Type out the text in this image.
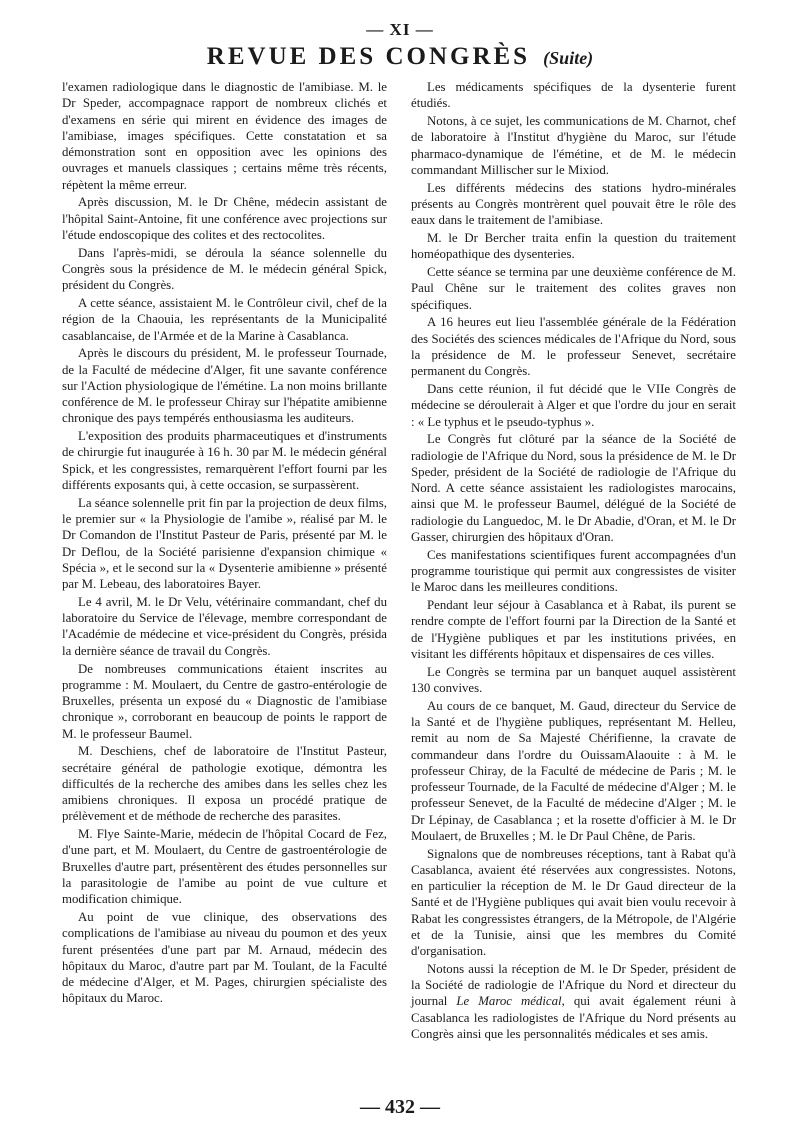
— XI —
REVUE DES CONGRÈS (Suite)

l'examen radiologique dans le diagnostic de l'amibiase. M. le Dr Speder, accompagnace rapport de nombreux clichés et d'examens en série qui mirent en évidence des images de l'amibiase, images spécifiques. Cette constatation et sa démonstration sont en opposition avec les opinions des ouvrages et manuels classiques ; certains même très récents, répètent la même erreur.

Après discussion, M. le Dr Chêne, médecin assistant de l'hôpital Saint-Antoine, fit une conférence avec projections sur l'étude endoscopique des colites et des rectocolites.

Dans l'après-midi, se déroula la séance solennelle du Congrès sous la présidence de M. le médecin général Spick, président du Congrès.

A cette séance, assistaient M. le Contrôleur civil, chef de la région de la Chaouia, les représentants de la Municipalité casablancaise, de l'Armée et de la Marine à Casablanca.

Après le discours du président, M. le professeur Tournade, de la Faculté de médecine d'Alger, fit une savante conférence sur l'Action physiologique de l'émétine. La non moins brillante conférence de M. le professeur Chiray sur l'hépatite amibienne chronique des pays tempérés enthousiasma les auditeurs.

L'exposition des produits pharmaceutiques et d'instruments de chirurgie fut inaugurée à 16 h. 30 par M. le médecin général Spick, et les congressistes, remarquèrent l'effort fourni par les différents exposants qui, à cette occasion, se surpassèrent.

La séance solennelle prit fin par la projection de deux films, le premier sur « la Physiologie de l'amibe », réalisé par M. le Dr Comandon de l'Institut Pasteur de Paris, présenté par M. le Dr Deflou, de la Société parisienne d'expansion chimique « Spécia », et le second sur la « Dysenterie amibienne » présenté par M. Lebeau, des laboratoires Bayer.

Le 4 avril, M. le Dr Velu, vétérinaire commandant, chef du laboratoire du Service de l'élevage, membre correspondant de l'Académie de médecine et vice-président du Congrès, présida la dernière séance de travail du Congrès.

De nombreuses communications étaient inscrites au programme : M. Moulaert, du Centre de gastro-entérologie de Bruxelles, présenta un exposé du « Diagnostic de l'amibiase chronique », corroborant en beaucoup de points le rapport de M. le professeur Baumel.

M. Deschiens, chef de laboratoire de l'Institut Pasteur, secrétaire général de pathologie exotique, démontra les difficultés de la recherche des amibes dans les selles chez les amibiens chroniques. Il exposa un procédé pratique de prélèvement et de méthode de recherche des parasites.

M. Flye Sainte-Marie, médecin de l'hôpital Cocard de Fez, d'une part, et M. Moulaert, du Centre de gastroentérologie de Bruxelles d'autre part, présentèrent des études personnelles sur la parasitologie de l'amibe au point de vue culture et modification chimique.

Au point de vue clinique, des observations des complications de l'amibiase au niveau du poumon et des yeux furent présentées d'une part par M. Arnaud, médecin des hôpitaux du Maroc, d'autre part par M. Toulant, de la Faculté de médecine d'Alger, et M. Pages, chirurgien spécialiste des hôpitaux du Maroc.

Les médicaments spécifiques de la dysenterie furent étudiés.

Notons, à ce sujet, les communications de M. Charnot, chef de laboratoire à l'Institut d'hygiène du Maroc, sur l'étude pharmaco-dynamique de l'émétine, et de M. le médecin commandant Millischer sur le Mixiod.

Les différents médecins des stations hydro-minérales présents au Congrès montrèrent quel pouvait être le rôle des eaux dans le traitement de l'amibiase.

M. le Dr Bercher traita enfin la question du traitement homéopathique des dysenteries.

Cette séance se termina par une deuxième conférence de M. Paul Chêne sur le traitement des colites graves non spécifiques.

A 16 heures eut lieu l'assemblée générale de la Fédération des Sociétés des sciences médicales de l'Afrique du Nord, sous la présidence de M. le professeur Senevet, secrétaire permanent du Congrès.

Dans cette réunion, il fut décidé que le VIIe Congrès de médecine se déroulerait à Alger et que l'ordre du jour en serait : « Le typhus et le pseudo-typhus ».

Le Congrès fut clôturé par la séance de la Société de radiologie de l'Afrique du Nord, sous la présidence de M. le Dr Speder, président de la Société de radiologie de l'Afrique du Nord. A cette séance assistaient les radiologistes marocains, ainsi que M. le professeur Baumel, délégué de la Société de radiologie du Languedoc, M. le Dr Abadie, d'Oran, et M. le Dr Gasser, chirurgien des hôpitaux d'Oran.

Ces manifestations scientifiques furent accompagnées d'un programme touristique qui permit aux congressistes de visiter le Maroc dans les meilleures conditions.

Pendant leur séjour à Casablanca et à Rabat, ils purent se rendre compte de l'effort fourni par la Direction de la Santé et de l'Hygiène publiques et par les institutions privées, en visitant les différents hôpitaux et dispensaires de ces villes.

Le Congrès se termina par un banquet auquel assistèrent 130 convives.

Au cours de ce banquet, M. Gaud, directeur du Service de la Santé et de l'hygiène publiques, représentant M. Helleu, remit au nom de Sa Majesté Chérifienne, la cravate de commandeur dans l'ordre du OuissamAlaouite : à M. le professeur Chiray, de la Faculté de médecine de Paris ; M. le professeur Tournade, de la Faculté de médecine d'Alger ; M. le professeur Senevet, de la Faculté de médecine d'Alger ; M. le Dr Lépinay, de Casablanca ; et la rosette d'officier à M. le Dr Moulaert, de Bruxelles ; M. le Dr Paul Chêne, de Paris.

Signalons que de nombreuses réceptions, tant à Rabat qu'à Casablanca, avaient été réservées aux congressistes. Notons, en particulier la réception de M. le Dr Gaud directeur de la Santé et de l'Hygiène publiques qui avait bien voulu recevoir à Rabat les congressistes étrangers, de la Métropole, de l'Algérie et de la Tunisie, ainsi que les membres du Comité d'organisation.

Notons aussi la réception de M. le Dr Speder, président de la Société de radiologie de l'Afrique du Nord et directeur du journal Le Maroc médical, qui avait également réuni à Casablanca les radiologistes de l'Afrique du Nord présents au Congrès ainsi que les personnalités médicales et ses amis.

— 432 —
